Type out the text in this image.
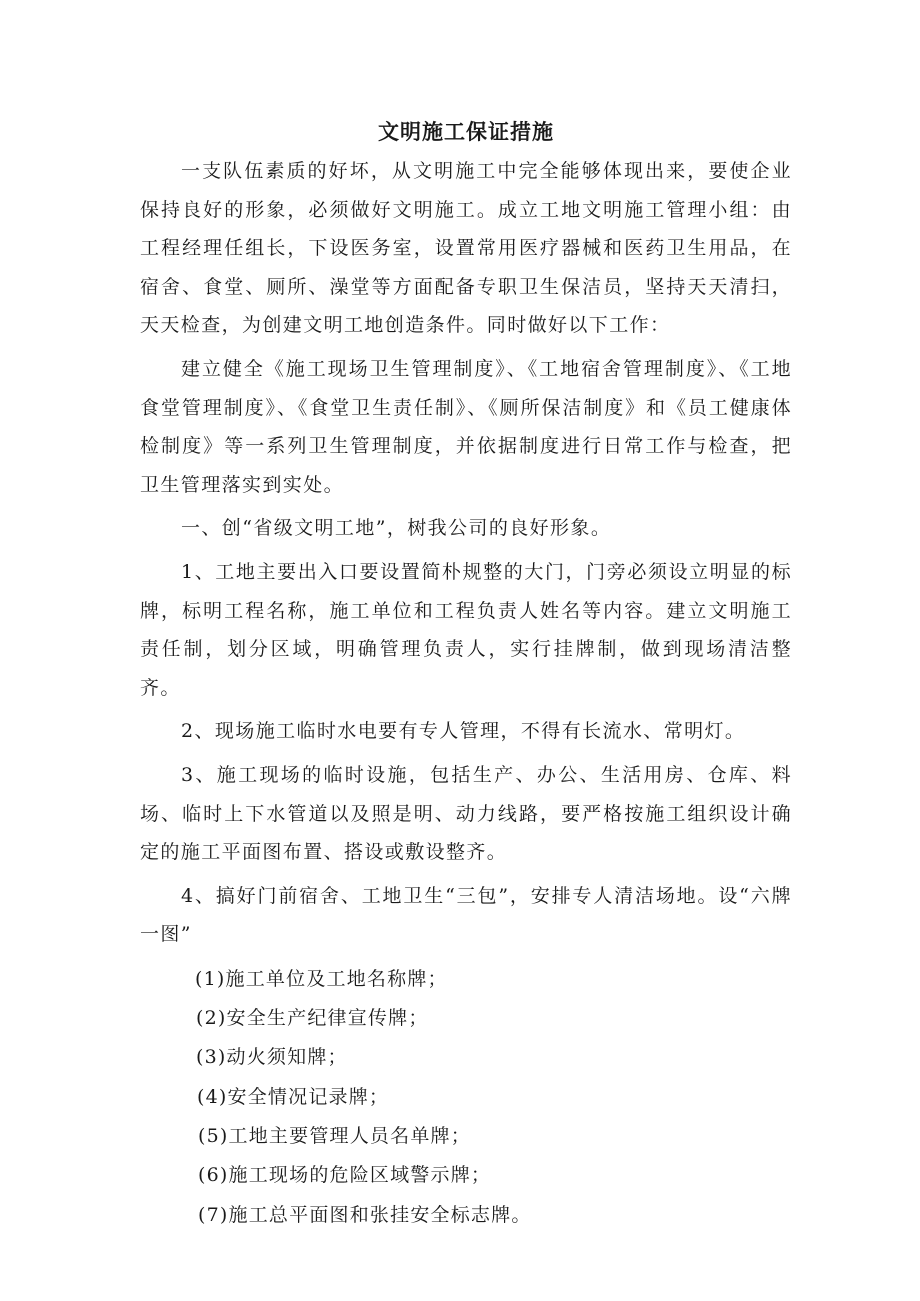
文明施工保证措施

一支队伍素质的好坏，从文明施工中完全能够体现出来，要使企业保持良好的形象，必须做好文明施工。成立工地文明施工管理小组：由工程经理任组长，下设医务室，设置常用医疗器械和医药卫生用品，在宿舍、食堂、厕所、澡堂等方面配备专职卫生保洁员，坚持天天清扫，天天检查，为创建文明工地创造条件。同时做好以下工作：

建立健全《施工现场卫生管理制度》、《工地宿舍管理制度》、《工地食堂管理制度》、《食堂卫生责任制》、《厕所保洁制度》和《员工健康体检制度》等一系列卫生管理制度，并依据制度进行日常工作与检查，把卫生管理落实到实处。

一、创“省级文明工地”，树我公司的良好形象。

1、工地主要出入口要设置简朴规整的大门，门旁必须设立明显的标牌，标明工程名称，施工单位和工程负责人姓名等内容。建立文明施工责任制，划分区域，明确管理负责人，实行挂牌制，做到现场清洁整齐。

2、现场施工临时水电要有专人管理，不得有长流水、常明灯。

3、施工现场的临时设施，包括生产、办公、生活用房、仓库、料场、临时上下水管道以及照是明、动力线路，要严格按施工组织设计确定的施工平面图布置、搭设或敷设整齐。

4、搞好门前宿舍、工地卫生“三包”，安排专人清洁场地。设“六牌一图”

(1)施工单位及工地名称牌；

(2)安全生产纪律宣传牌；

(3)动火须知牌；

(4)安全情况记录牌；

(5)工地主要管理人员名单牌；

(6)施工现场的危险区域警示牌；

(7)施工总平面图和张挂安全标志牌。
